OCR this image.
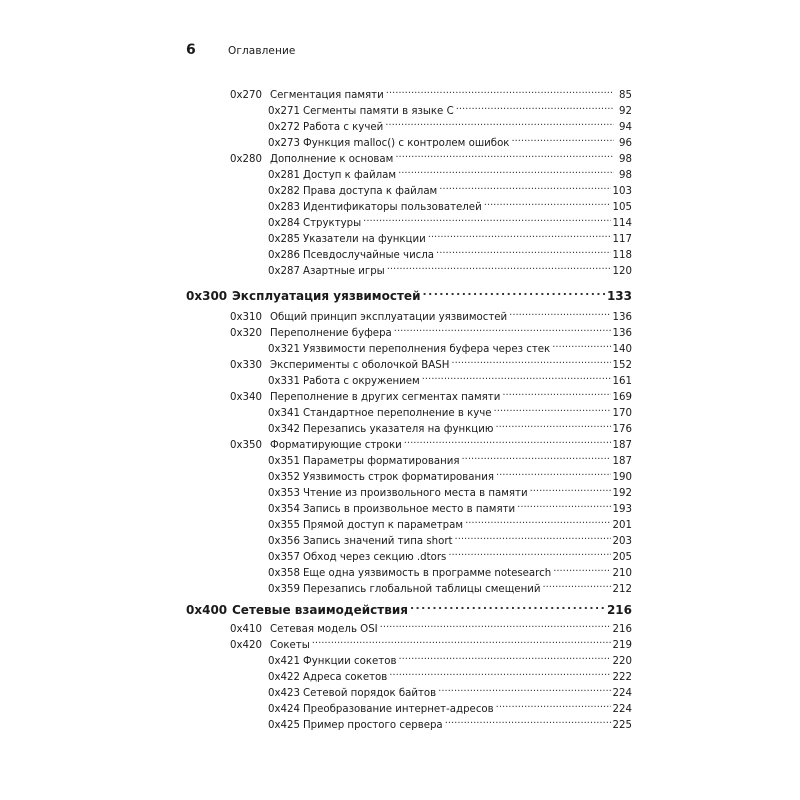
6	Оглавление
0x270 Сегментация памяти . . .	85
0x271 Сегменты памяти в языке C . . .	92
0x272 Работа с кучей . . .	94
0x273 Функция malloc() с контролем ошибок . . .	96
0x280 Дополнение к основам . . .	98
0x281 Доступ к файлам . . .	98
0x282 Права доступа к файлам . . .	103
0x283 Идентификаторы пользователей . . .	105
0x284 Структуры . . .	114
0x285 Указатели на функции . . .	117
0x286 Псевдослучайные числа . . .	118
0x287 Азартные игры . . .	120
0x300 Эксплуатация уязвимостей . . .	133
0x310 Общий принцип эксплуатации уязвимостей . . .	136
0x320 Переполнение буфера . . .	136
0x321 Уязвимости переполнения буфера через стек . . .	140
0x330 Эксперименты с оболочкой BASH . . .	152
0x331 Работа с окружением . . .	161
0x340 Переполнение в других сегментах памяти . . .	169
0x341 Стандартное переполнение в куче . . .	170
0x342 Перезапись указателя на функцию . . .	176
0x350 Форматирующие строки . . .	187
0x351 Параметры форматирования . . .	187
0x352 Уязвимость строк форматирования . . .	190
0x353 Чтение из произвольного места в памяти . . .	192
0x354 Запись в произвольное место в памяти . . .	193
0x355 Прямой доступ к параметрам . . .	201
0x356 Запись значений типа short . . .	203
0x357 Обход через секцию .dtors . . .	205
0x358 Еще одна уязвимость в программе notesearch . . .	210
0x359 Перезапись глобальной таблицы смещений . . .	212
0x400 Сетевые взаимодействия . . .	216
0x410 Сетевая модель OSI . . .	216
0x420 Сокеты . . .	219
0x421 Функции сокетов . . .	220
0x422 Адреса сокетов . . .	222
0x423 Сетевой порядок байтов . . .	224
0x424 Преобразование интернет-адресов . . .	224
0x425 Пример простого сервера . . .	225
